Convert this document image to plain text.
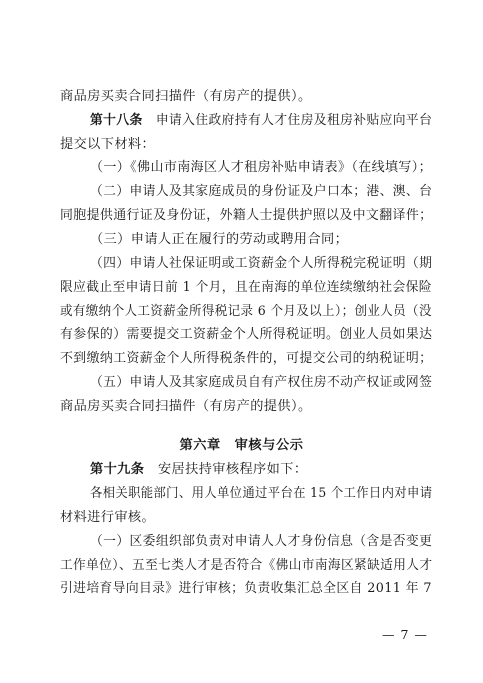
商品房买卖合同扫描件（有房产的提供）。
第十八条　申请入住政府持有人才住房及租房补贴应向平台
提交以下材料：
（一）《佛山市南海区人才租房补贴申请表》（在线填写）；
（二）申请人及其家庭成员的身份证及户口本；港、澳、台
同胞提供通行证及身份证，外籍人士提供护照以及中文翻译件；
（三）申请人正在履行的劳动或聘用合同；
（四）申请人社保证明或工资薪金个人所得税完税证明（期
限应截止至申请日前 1 个月，且在南海的单位连续缴纳社会保险
或有缴纳个人工资薪金所得税记录 6 个月及以上）；创业人员（没
有参保的）需要提交工资薪金个人所得税证明。创业人员如果达
不到缴纳工资薪金个人所得税条件的，可提交公司的纳税证明；
（五）申请人及其家庭成员自有产权住房不动产权证或网签
商品房买卖合同扫描件（有房产的提供）。
第六章　审核与公示
第十九条　安居扶持审核程序如下：
各相关职能部门、用人单位通过平台在 15 个工作日内对申请
材料进行审核。
（一）区委组织部负责对申请人人才身份信息（含是否变更
工作单位）、五至七类人才是否符合《佛山市南海区紧缺适用人才
引进培育导向目录》进行审核；负责收集汇总全区自 2011 年 7
— 7 —
